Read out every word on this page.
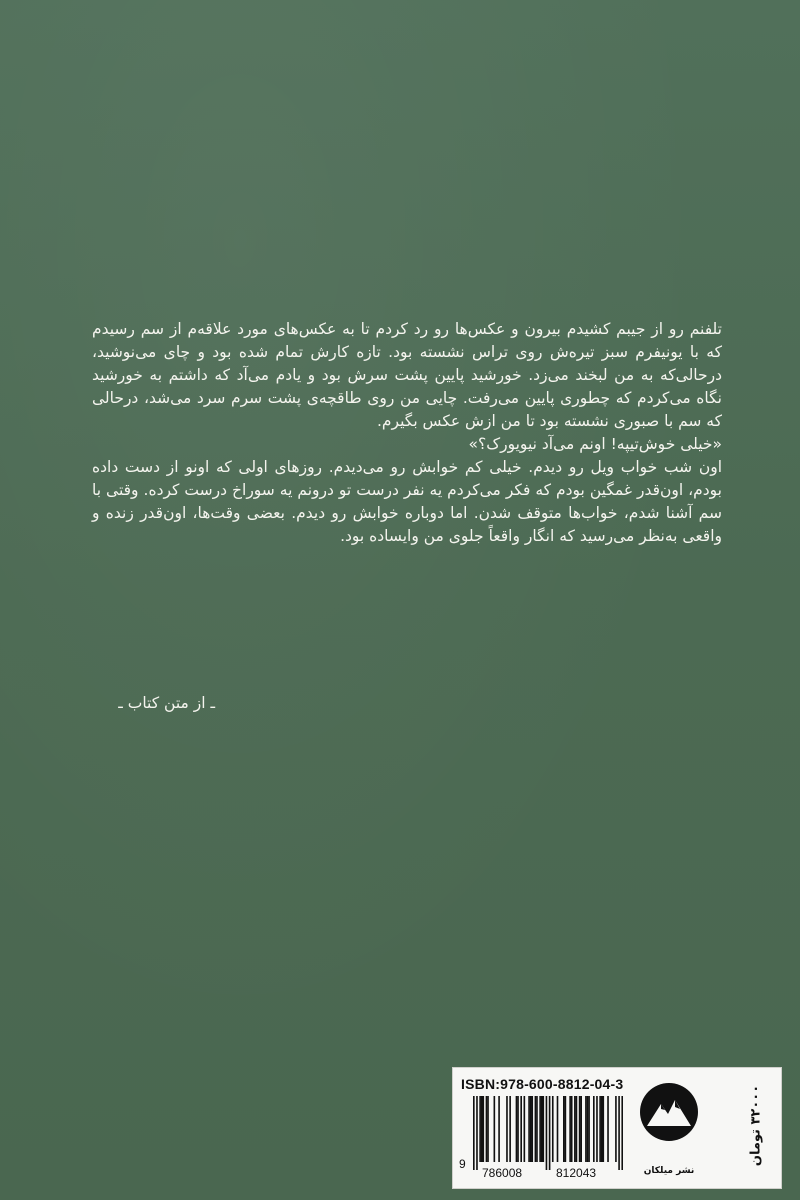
تلفنم رو از جیبم کشیدم بیرون و عکس‌ها رو رد کردم تا به عکس‌های مورد علاقه‌م از سم رسیدم که با یونیفرم سبز تیره‌ش روی تراس نشسته بود. تازه کارش تمام شده بود و چای می‌نوشید، درحالی‌که به من لبخند می‌زد. خورشید پایین پشت سرش بود و یادم می‌آد که داشتم به خورشید نگاه می‌کردم که چطوری پایین می‌رفت. چایی من روی طاقچه‌ی پشت سرم سرد می‌شد، درحالی که سم با صبوری نشسته بود تا من ازش عکس بگیرم.

«خیلی خوش‌تیپه! اونم می‌آد نیویورک؟»

اون شب خواب ویل رو دیدم. خیلی کم خوابش رو می‌دیدم. روزهای اولی که اونو از دست داده بودم، اون‌قدر غمگین بودم که فکر می‌کردم یه نفر درست تو درونم یه سوراخ درست کرده. وقتی با سم آشنا شدم، خواب‌ها متوقف شدن. اما دوباره خوابش رو دیدم. بعضی وقت‌ها، اون‌قدر زنده و واقعی به‌نظر می‌رسید که انگار واقعاً جلوی من وایساده بود.

ـ از متن کتاب ـ
ISBN:978-600-8812-04-3
9
786008	812043	نشر میلکان
۳۲۰۰۰ تومان
